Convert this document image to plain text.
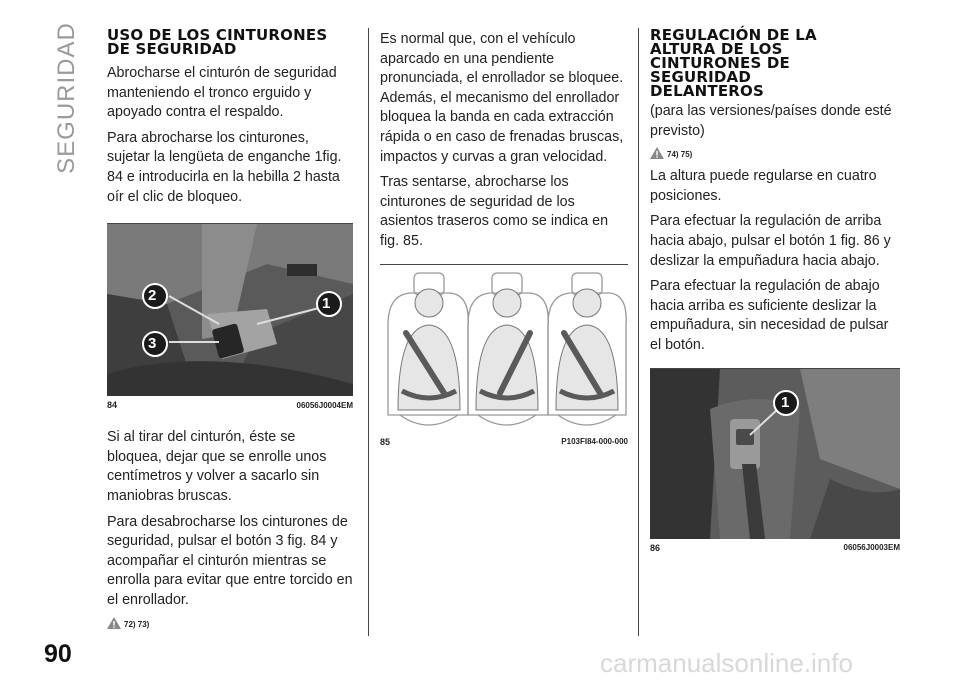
SEGURIDAD USO DE LOS CINTURONES DE SEGURIDAD

Abrocharse el cinturón de seguridad manteniendo el tronco erguido y apoyado contra el respaldo.

Para abrocharse los cinturones, sujetar la lengüeta de enganche 1fig. 84 e introducirla en la hebilla 2 hasta oír el clic de bloqueo.

2
3
1
84	06056J0004EM

Si al tirar del cinturón, éste se bloquea, dejar que se enrolle unos centímetros y volver a sacarlo sin maniobras bruscas.

Para desabrocharse los cinturones de seguridad, pulsar el botón 3 fig. 84 y acompañar el cinturón mientras se enrolla para evitar que entre torcido en el enrollador.

72) 73)

Es normal que, con el vehículo aparcado en una pendiente pronunciada, el enrollador se bloquee. Además, el mecanismo del enrollador bloquea la banda en cada extracción rápida o en caso de frenadas bruscas, impactos y curvas a gran velocidad.

Tras sentarse, abrocharse los cinturones de seguridad de los asientos traseros como se indica en fig. 85.

85	P103FI84-000-000
REGULACIÓN DE LA ALTURA DE LOS CINTURONES DE SEGURIDAD DELANTEROS

(para las versiones/países donde esté previsto)

74) 75)

La altura puede regularse en cuatro posiciones.

Para efectuar la regulación de arriba hacia abajo, pulsar el botón 1 fig. 86 y deslizar la empuñadura hacia abajo.

Para efectuar la regulación de abajo hacia arriba es suficiente deslizar la empuñadura, sin necesidad de pulsar el botón.

1
86	06056J0003EM
90	carmanualsonline.info
